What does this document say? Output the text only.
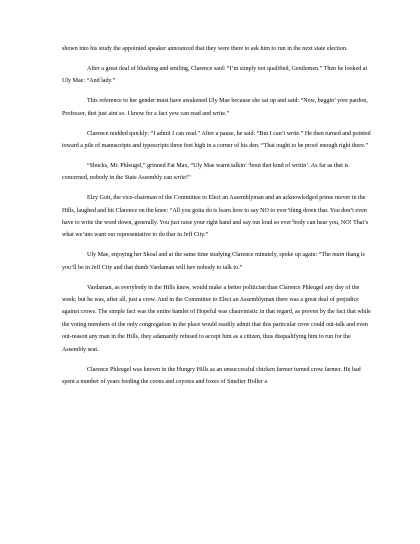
shown into his study the appointed speaker announced that they were there to ask him to run in the next state election.

After a great deal of blushing and smiling, Clarence said: “I’m simply not qualified, Gentlemen.” Then he looked at Uly Mae: “And lady.”

This reference to her gender must have awakened Uly Mae because she sat up and said: “Now, beggin’ yore pardon, Professor, thet just aint so. I know fer a fact yew can read and write.”

Clarence nodded quickly: “I admit I can read.” After a pause, he said: “But I can’t write.” He then turned and pointed toward a pile of manuscripts and typescripts three feet high in a corner of his den. “That ought to be proof enough right there.”

“Shucks, Mr. Phleugel,” grinned Fat Max, “Uly Mae warnt talkin’ ‘bout thet kind of writin’. As far as thet is concerned, nobody in the State Assembly can write!”

Elzy Gott, the vice-chairman of the Committee to Elect an Assemblyman and an acknowledged prime mover in the Hills, laughed and hit Clarence on the knee: “All you gotta do is learn how to say NO to ever’thing down thar. You don’t even have to write the word down, generally. You just raise your right hand and say out loud so ever’body can hear you, NO! That’s what we’uns want our representative to do thar in Jeff City.”

Uly Mae, enjoying her Skoal and at the same time studying Clarence minutely, spoke up again: “The main thang is you’ll be in Jeff City and that dumb Vardaman will hev nobody to talk to.”

Vardaman, as everybody in the Hills knew, would make a better politician than Clarence Phleugel any day of the week; but he was, after all, just a crow. And in the Committee to Elect an Assemblyman there was a great deal of prejudice against crows. The simple fact was the entire hamlet of Hopeful was chauvinistic in that regard, as proven by the fact that while the voting members of the only congregation in the place would readily admit that this particular crow could out-talk and even out-reason any man in the Hills, they adamantly refused to accept him as a citizen, thus disqualifying him to run for the Assembly seat.

Clarence Phleugel was known in the Hungry Hills as an unsuccessful chicken farmer turned crow farmer. He had spent a number of years feeding the coons and coyotes and foxes of Smelter Holler a
